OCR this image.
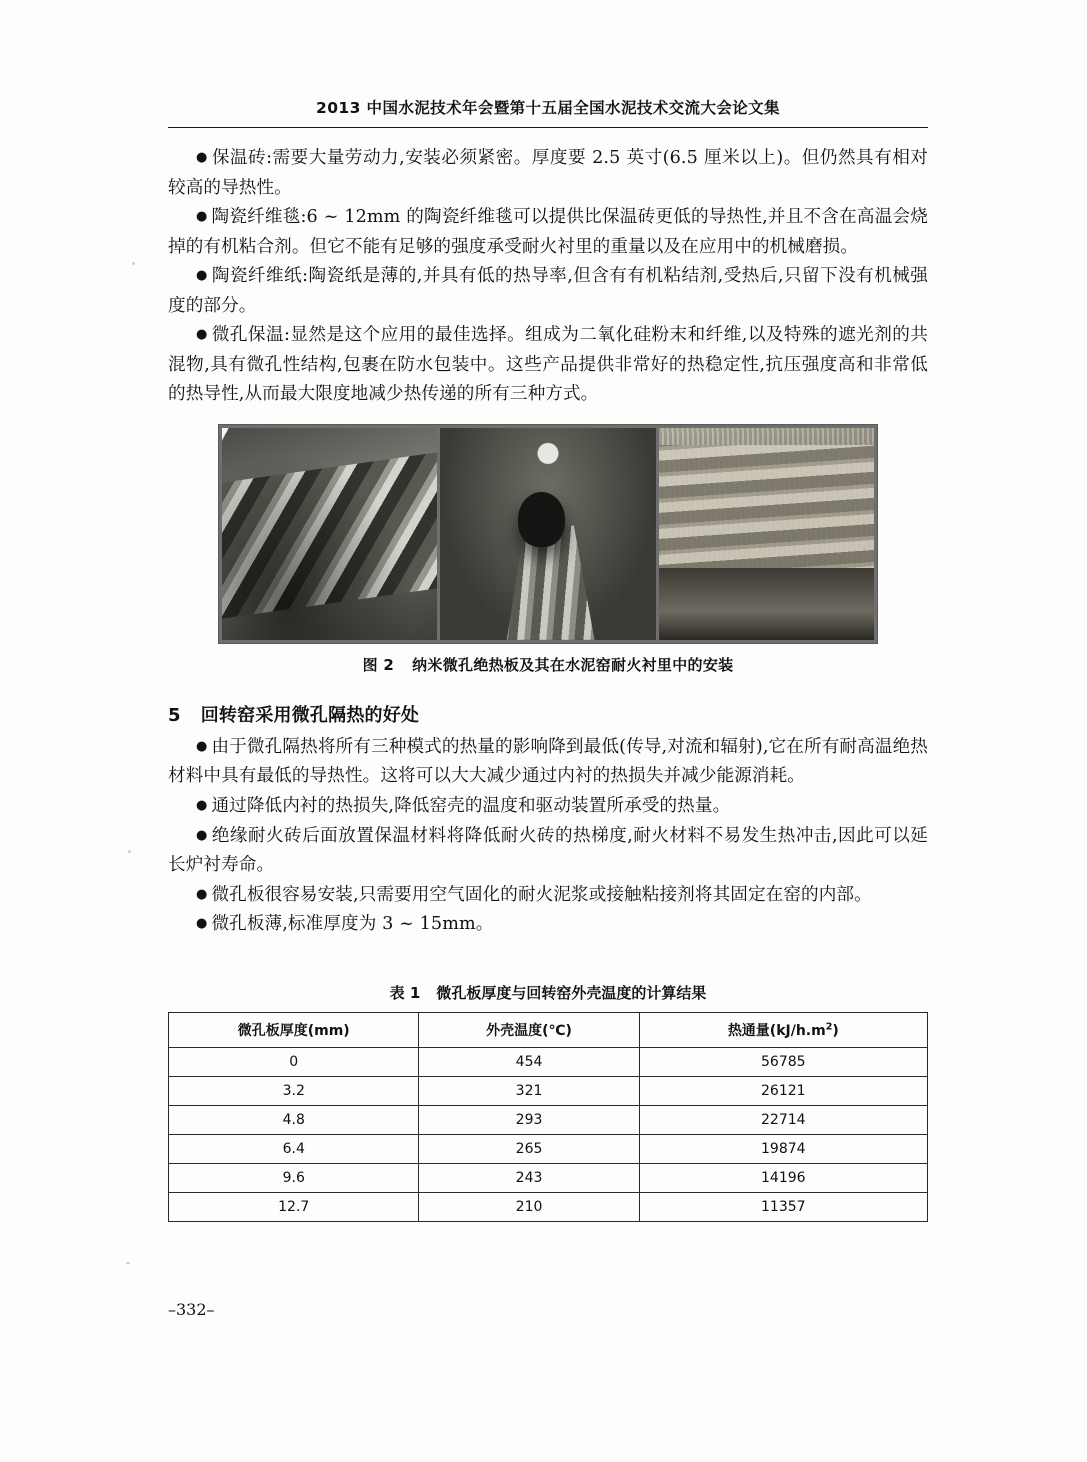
2013 中国水泥技术年会暨第十五届全国水泥技术交流大会论文集

● 保温砖:需要大量劳动力,安装必须紧密。厚度要 2.5 英寸(6.5 厘米以上)。但仍然具有相对较高的导热性。

● 陶瓷纤维毯:6 ~ 12mm 的陶瓷纤维毯可以提供比保温砖更低的导热性,并且不含在高温会烧掉的有机粘合剂。但它不能有足够的强度承受耐火衬里的重量以及在应用中的机械磨损。

● 陶瓷纤维纸:陶瓷纸是薄的,并具有低的热导率,但含有有机粘结剂,受热后,只留下没有机械强度的部分。

● 微孔保温:显然是这个应用的最佳选择。组成为二氧化硅粉末和纤维,以及特殊的遮光剂的共混物,具有微孔性结构,包裹在防水包装中。这些产品提供非常好的热稳定性,抗压强度高和非常低的热导性,从而最大限度地减少热传递的所有三种方式。

图 2 纳米微孔绝热板及其在水泥窑耐火衬里中的安装
5 回转窑采用微孔隔热的好处

● 由于微孔隔热将所有三种模式的热量的影响降到最低(传导,对流和辐射),它在所有耐高温绝热材料中具有最低的导热性。这将可以大大减少通过内衬的热损失并减少能源消耗。

● 通过降低内衬的热损失,降低窑壳的温度和驱动装置所承受的热量。

● 绝缘耐火砖后面放置保温材料将降低耐火砖的热梯度,耐火材料不易发生热冲击,因此可以延长炉衬寿命。

● 微孔板很容易安装,只需要用空气固化的耐火泥浆或接触粘接剂将其固定在窑的内部。

● 微孔板薄,标准厚度为 3 ~ 15mm。

表 1 微孔板厚度与回转窑外壳温度的计算结果
微孔板厚度(mm)	外壳温度(℃)	热通量$(kJ/h.m^2)$
0	454	56785
3.2	321	26121
4.8	293	22714
6.4	265	19874
9.6	243	14196
12.7	210	11357
–332–
